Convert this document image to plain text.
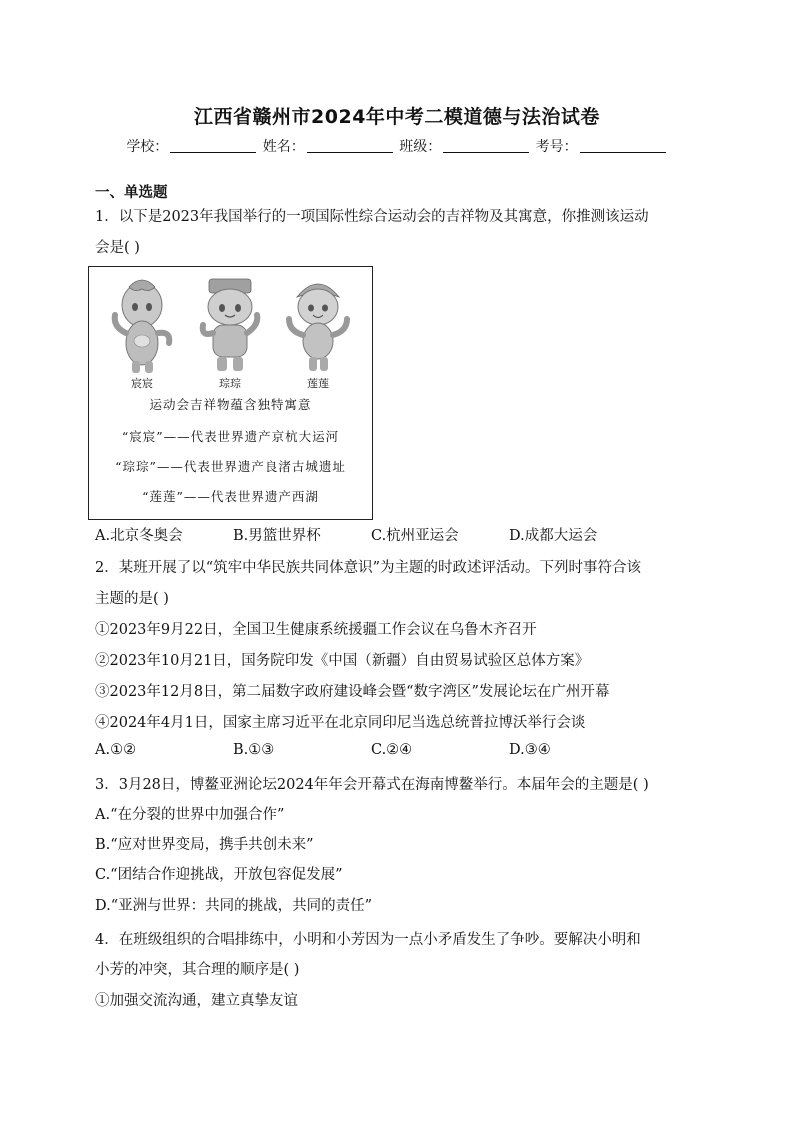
江西省赣州市2024年中考二模道德与法治试卷
学校：	姓名：	班级：	考号：
一、单选题
1．以下是2023年我国举行的一项国际性综合运动会的吉祥物及其寓意，你推测该运动
会是( )
宸宸	琮琮	莲莲
运动会吉祥物蕴含独特寓意
“宸宸”——代表世界遗产京杭大运河
“琮琮”——代表世界遗产良渚古城遗址
“莲莲”——代表世界遗产西湖
A.北京冬奥会	B.男篮世界杯	C.杭州亚运会	D.成都大运会
2．某班开展了以“筑牢中华民族共同体意识”为主题的时政述评活动。下列时事符合该
主题的是( )
①2023年9月22日，全国卫生健康系统援疆工作会议在乌鲁木齐召开
②2023年10月21日，国务院印发《中国（新疆）自由贸易试验区总体方案》
③2023年12月8日，第二届数字政府建设峰会暨“数字湾区”发展论坛在广州开幕
④2024年4月1日，国家主席习近平在北京同印尼当选总统普拉博沃举行会谈
A.①②	B.①③	C.②④	D.③④
3．3月28日，博鳌亚洲论坛2024年年会开幕式在海南博鳌举行。本届年会的主题是( )
A.“在分裂的世界中加强合作”
B.“应对世界变局，携手共创未来”
C.“团结合作迎挑战，开放包容促发展”
D.“亚洲与世界：共同的挑战，共同的责任”
4．在班级组织的合唱排练中，小明和小芳因为一点小矛盾发生了争吵。要解决小明和
小芳的冲突，其合理的顺序是( )
①加强交流沟通，建立真挚友谊
